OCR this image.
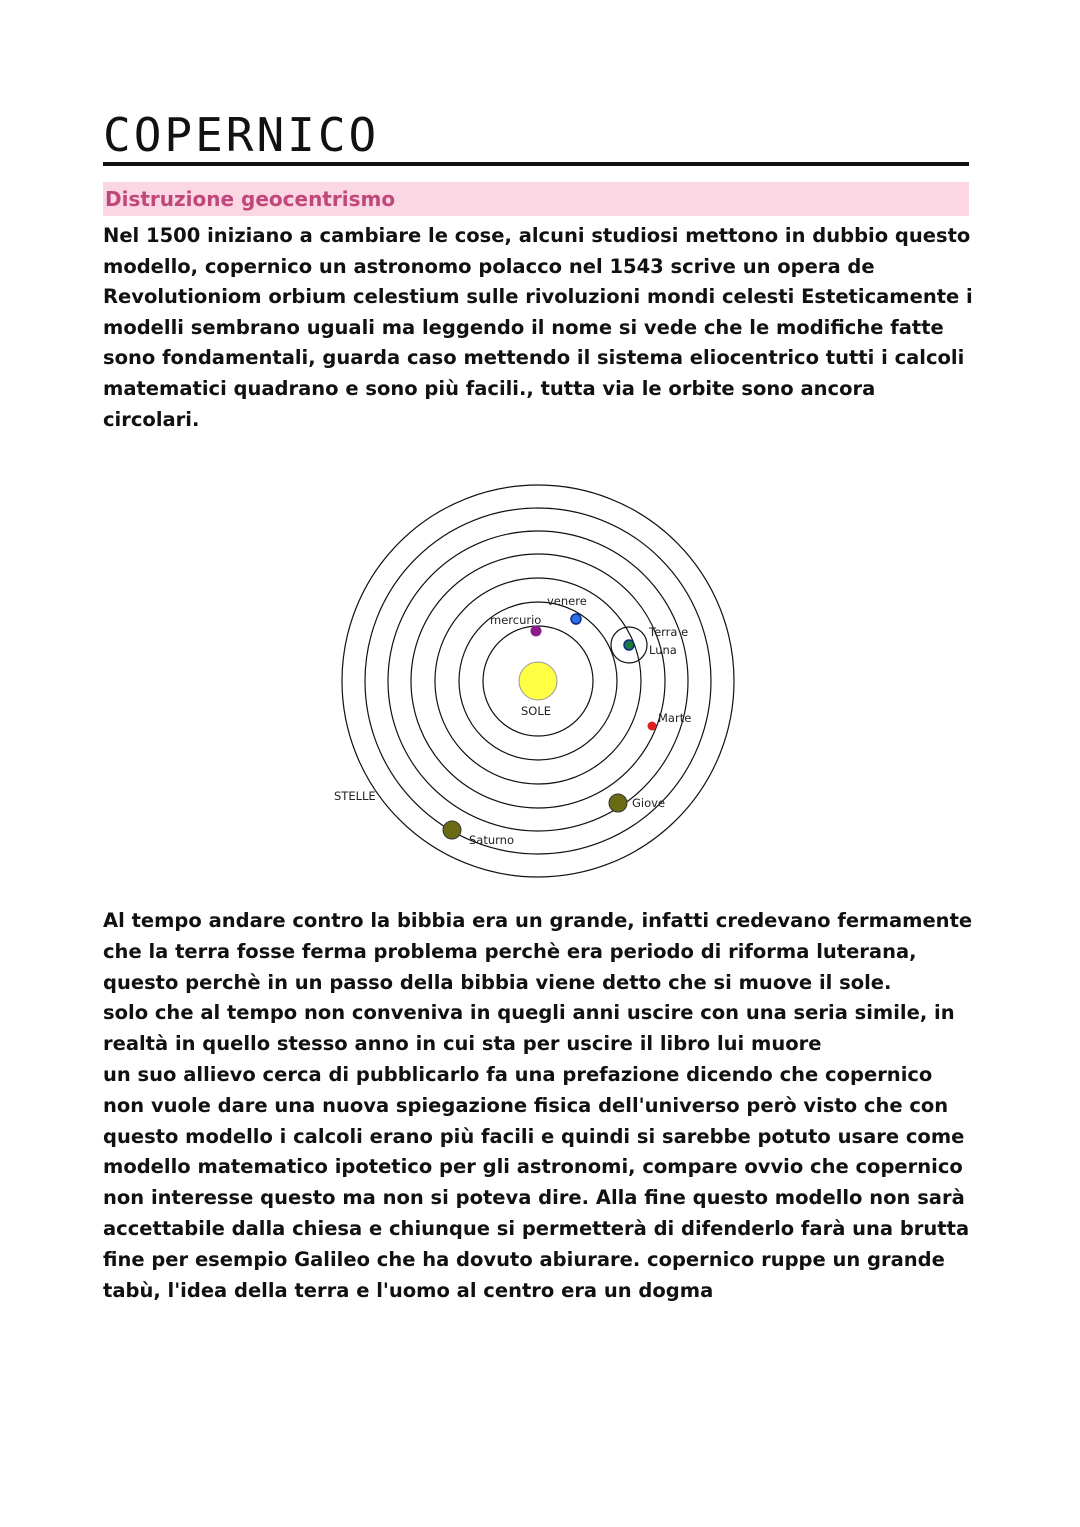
COPERNICO
Distruzione geocentrismo

Nel 1500 iniziano a cambiare le cose, alcuni studiosi mettono in dubbio questo modello, copernico un astronomo polacco nel 1543 scrive un opera de Revolutioniom orbium celestium sulle rivoluzioni mondi celesti Esteticamente i modelli sembrano uguali ma leggendo il nome si vede che le modifiche fatte sono fondamentali, guarda caso mettendo il sistema eliocentrico tutti i calcoli matematici quadrano e sono più facili., tutta via le orbite sono ancora circolari.

SOLE
mercurio
venere
Terra e
Luna
Marte
Giove
Saturno
STELLE

Al tempo andare contro la bibbia era un grande, infatti credevano fermamente che la terra fosse ferma problema perchè era periodo di riforma luterana, questo perchè in un passo della bibbia viene detto che si muove il sole.

solo che al tempo non conveniva in quegli anni uscire con una seria simile, in realtà in quello stesso anno in cui sta per uscire il libro lui muore

un suo allievo cerca di pubblicarlo fa una prefazione dicendo che copernico non vuole dare una nuova spiegazione fisica dell'universo però visto che con questo modello i calcoli erano più facili e quindi si sarebbe potuto usare come modello matematico ipotetico per gli astronomi, compare ovvio che copernico non interesse questo ma non si poteva dire. Alla fine questo modello non sarà accettabile dalla chiesa e chiunque si permetterà di difenderlo farà una brutta fine per esempio Galileo che ha dovuto abiurare. copernico ruppe un grande tabù, l'idea della terra e l'uomo al centro era un dogma
